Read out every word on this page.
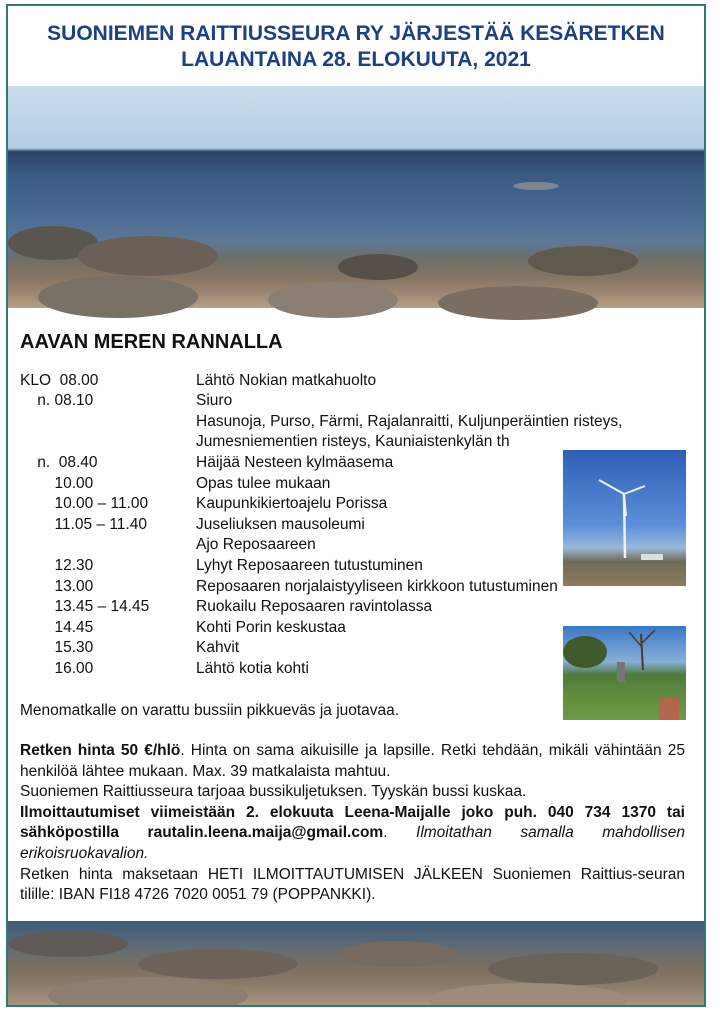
SUONIEMEN RAITTIUSSEURA RY JÄRJESTÄÄ KESÄRETKEN
LAUANTAINA 28. ELOKUUTA, 2021
AAVAN MEREN RANNALLA
KLO  08.00	Lähtö Nokian matkahuolto
n. 08.10	Siuro
Hasunoja, Purso, Färmi, Rajalanraitti, Kuljunperäintien risteys,
Jumesniementien risteys, Kauniaistenkylän th
n.  08.40	Häijää Nesteen kylmäasema
10.00	Opas tulee mukaan
10.00 – 11.00	Kaupunkikiertoajelu Porissa
11.05 – 11.40	Juseliuksen mausoleumi
Ajo Reposaareen
12.30	Lyhyt Reposaareen tutustuminen
13.00	Reposaaren norjalaistyyliseen kirkkoon tutustuminen
13.45 – 14.45	Ruokailu Reposaaren ravintolassa
14.45	Kohti Porin keskustaa
15.30	Kahvit
16.00	Lähtö kotia kohti
Menomatkalle on varattu bussiin pikkueväs ja juotavaa.
Retken hinta 50 €/hlö. Hinta on sama aikuisille ja lapsille. Retki tehdään, mikäli vähintään 25 henkilöä lähtee mukaan. Max. 39 matkalaista mahtuu.
Suoniemen Raittiusseura tarjoaa bussikuljetuksen. Tyyskän bussi kuskaa.
Ilmoittautumiset viimeistään 2. elokuuta Leena-Maijalle joko puh. 040 734 1370 tai sähköpostilla rautalin.leena.maija@gmail.com. Ilmoitathan samalla mahdollisen erikoisruokavalion.
Retken hinta maksetaan HETI ILMOITTAUTUMISEN JÄLKEEN Suoniemen Raittius-seuran tilille: IBAN FI18 4726 7020 0051 79 (POPPANKKI).
